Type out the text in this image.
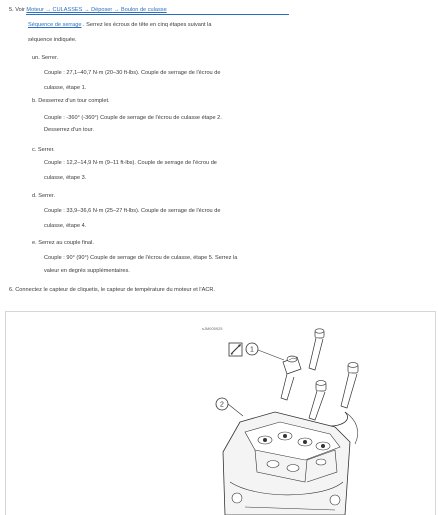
5. Voir Moteur → CULASSES → Déposer → Boulon de culasse
Séquence de serrage . Serrez les écrous de tête en cinq étapes suivant la
séquence indiquée.
un. Serrer.
Couple : 27,1–40,7 N·m (20–30 ft-lbs). Couple de serrage de l'écrou de
culasse, étape 1.
b. Desserrez d'un tour complet.
Couple : -360° (-360°) Couple de serrage de l'écrou de culasse étape 2.
Desserrez d'un tour.
c. Serrer.
Couple : 12,2–14,9 N·m (9–11 ft-lbs). Couple de serrage de l'écrou de
culasse, étape 3.
d. Serrer.
Couple : 33,9–36,6 N·m (25–27 ft-lbs). Couple de serrage de l'écrou de
culasse, étape 4.
e. Serrez au couple final.
Couple : 90° (90°) Couple de serrage de l'écrou de culasse, étape 5. Serrez la
valeur en degrés supplémentaires.
6. Connectez le capteur de cliquetis, le capteur de température du moteur et l'ACR.
sJM005925
1
2
